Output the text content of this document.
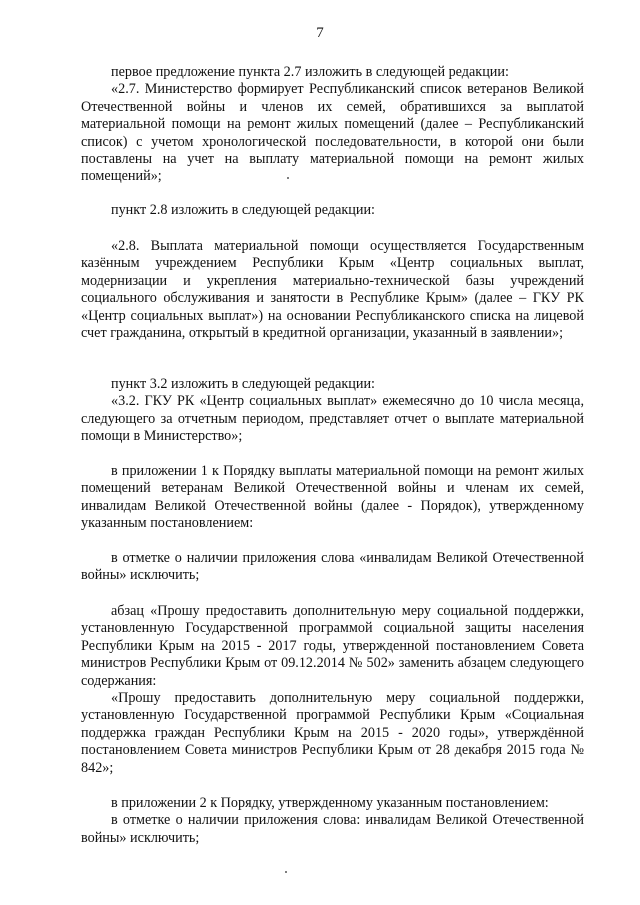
7

первое предложение пункта 2.7 изложить в следующей редакции:

«2.7. Министерство формирует Республиканский список ветеранов Великой Отечественной войны и членов их семей, обратившихся за выплатой материальной помощи на ремонт жилых помещений (далее – Республиканский список) с учетом хронологической последовательности, в которой они были поставлены на учет на выплату материальной помощи на ремонт жилых помещений»;

пункт 2.8 изложить в следующей редакции:

«2.8. Выплата материальной помощи осуществляется Государственным казённым учреждением Республики Крым «Центр социальных выплат, модернизации и укрепления материально-технической базы учреждений социального обслуживания и занятости в Республике Крым» (далее – ГКУ РК «Центр социальных выплат») на основании Республиканского списка на лицевой счет гражданина, открытый в кредитной организации, указанный в заявлении»;

пункт 3.2 изложить в следующей редакции:

«3.2. ГКУ РК «Центр социальных выплат» ежемесячно до 10 числа месяца, следующего за отчетным периодом, представляет отчет о выплате материальной помощи в Министерство»;

в приложении 1 к Порядку выплаты материальной помощи на ремонт жилых помещений ветеранам Великой Отечественной войны и членам их семей, инвалидам Великой Отечественной войны (далее - Порядок), утвержденному указанным постановлением:

в отметке о наличии приложения слова «инвалидам Великой Отечественной войны» исключить;

абзац «Прошу предоставить дополнительную меру социальной поддержки, установленную Государственной программой социальной защиты населения Республики Крым на 2015 - 2017 годы, утвержденной постановлением Совета министров Республики Крым от 09.12.2014 № 502» заменить абзацем следующего содержания:

«Прошу предоставить дополнительную меру социальной поддержки, установленную Государственной программой Республики Крым «Социальная поддержка граждан Республики Крым на 2015 - 2020 годы», утверждённой постановлением Совета министров Республики Крым от 28 декабря 2015 года № 842»;

в приложении 2 к Порядку, утвержденному указанным постановлением:

в отметке о наличии приложения слова: инвалидам Великой Отечественной войны» исключить;
